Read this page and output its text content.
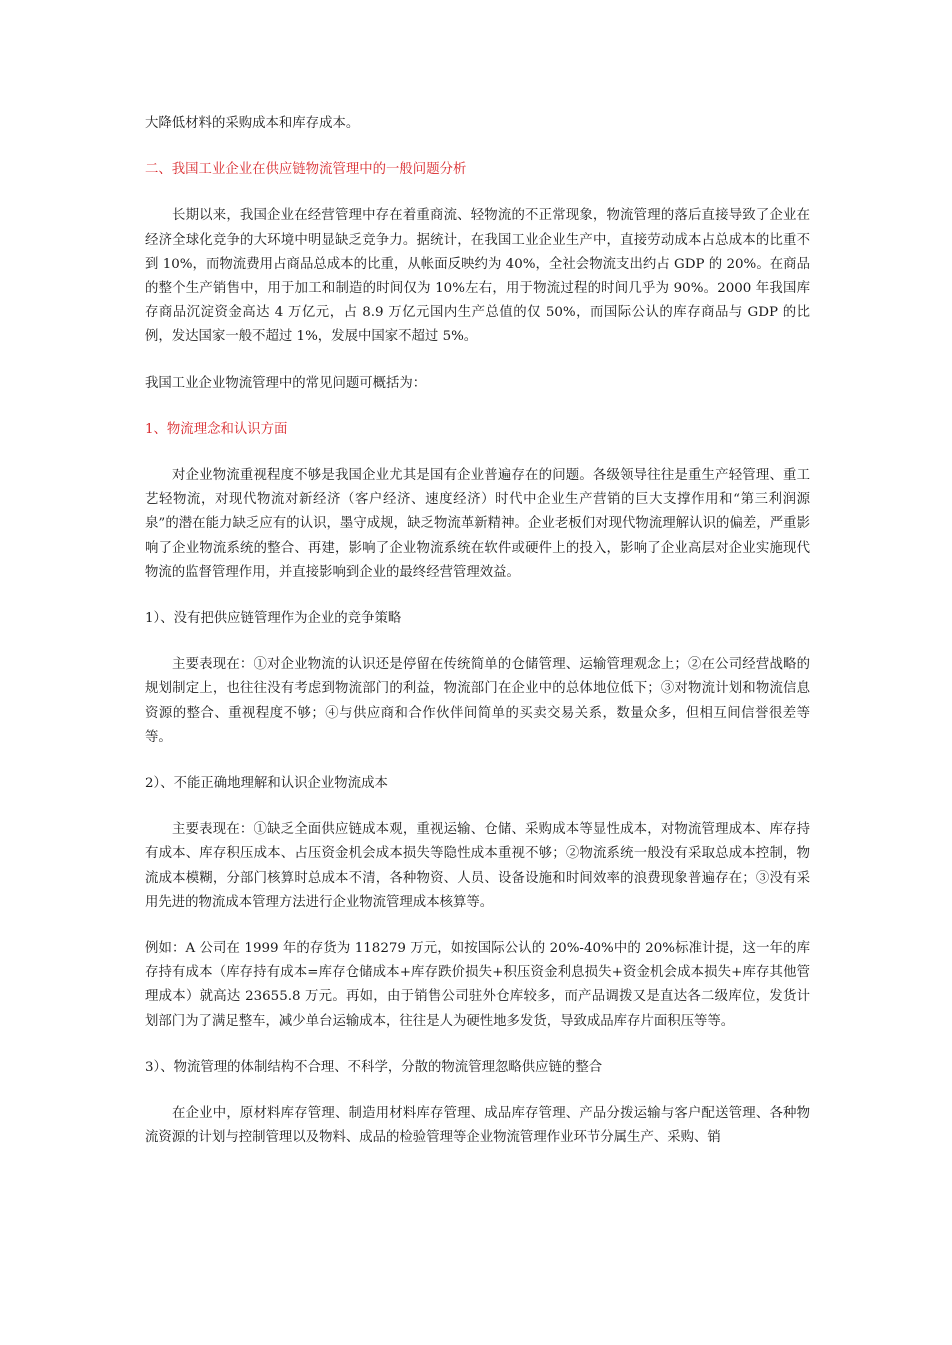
大降低材料的采购成本和库存成本。

二、我国工业企业在供应链物流管理中的一般问题分析

长期以来，我国企业在经营管理中存在着重商流、轻物流的不正常现象，物流管理的落后直接导致了企业在经济全球化竞争的大环境中明显缺乏竞争力。据统计，在我国工业企业生产中，直接劳动成本占总成本的比重不到 10%，而物流费用占商品总成本的比重，从帐面反映约为 40%，全社会物流支出约占 GDP 的 20%。在商品的整个生产销售中，用于加工和制造的时间仅为 10%左右，用于物流过程的时间几乎为 90%。2000 年我国库存商品沉淀资金高达 4 万亿元，占 8.9 万亿元国内生产总值的仅 50%，而国际公认的库存商品与 GDP 的比例，发达国家一般不超过 1%，发展中国家不超过 5%。

我国工业企业物流管理中的常见问题可概括为：

1、物流理念和认识方面

对企业物流重视程度不够是我国企业尤其是国有企业普遍存在的问题。各级领导往往是重生产轻管理、重工艺轻物流，对现代物流对新经济（客户经济、速度经济）时代中企业生产营销的巨大支撑作用和“第三利润源泉”的潜在能力缺乏应有的认识，墨守成规，缺乏物流革新精神。企业老板们对现代物流理解认识的偏差，严重影响了企业物流系统的整合、再建，影响了企业物流系统在软件或硬件上的投入，影响了企业高层对企业实施现代物流的监督管理作用，并直接影响到企业的最终经营管理效益。

1）、没有把供应链管理作为企业的竞争策略

主要表现在：①对企业物流的认识还是停留在传统简单的仓储管理、运输管理观念上；②在公司经营战略的规划制定上，也往往没有考虑到物流部门的利益，物流部门在企业中的总体地位低下；③对物流计划和物流信息资源的整合、重视程度不够；④与供应商和合作伙伴间简单的买卖交易关系，数量众多，但相互间信誉很差等等。

2）、不能正确地理解和认识企业物流成本

主要表现在：①缺乏全面供应链成本观，重视运输、仓储、采购成本等显性成本，对物流管理成本、库存持有成本、库存积压成本、占压资金机会成本损失等隐性成本重视不够；②物流系统一般没有采取总成本控制，物流成本模糊，分部门核算时总成本不清，各种物资、人员、设备设施和时间效率的浪费现象普遍存在；③没有采用先进的物流成本管理方法进行企业物流管理成本核算等。

例如：A 公司在 1999 年的存货为 118279 万元，如按国际公认的 20%-40%中的 20%标准计提，这一年的库存持有成本（库存持有成本=库存仓储成本+库存跌价损失+积压资金利息损失+资金机会成本损失+库存其他管理成本）就高达 23655.8 万元。再如，由于销售公司驻外仓库较多，而产品调拨又是直达各二级库位，发货计划部门为了满足整车，减少单台运输成本，往往是人为硬性地多发货，导致成品库存片面积压等等。

3）、物流管理的体制结构不合理、不科学，分散的物流管理忽略供应链的整合

在企业中，原材料库存管理、制造用材料库存管理、成品库存管理、产品分拨运输与客户配送管理、各种物流资源的计划与控制管理以及物料、成品的检验管理等企业物流管理作业环节分属生产、采购、销
